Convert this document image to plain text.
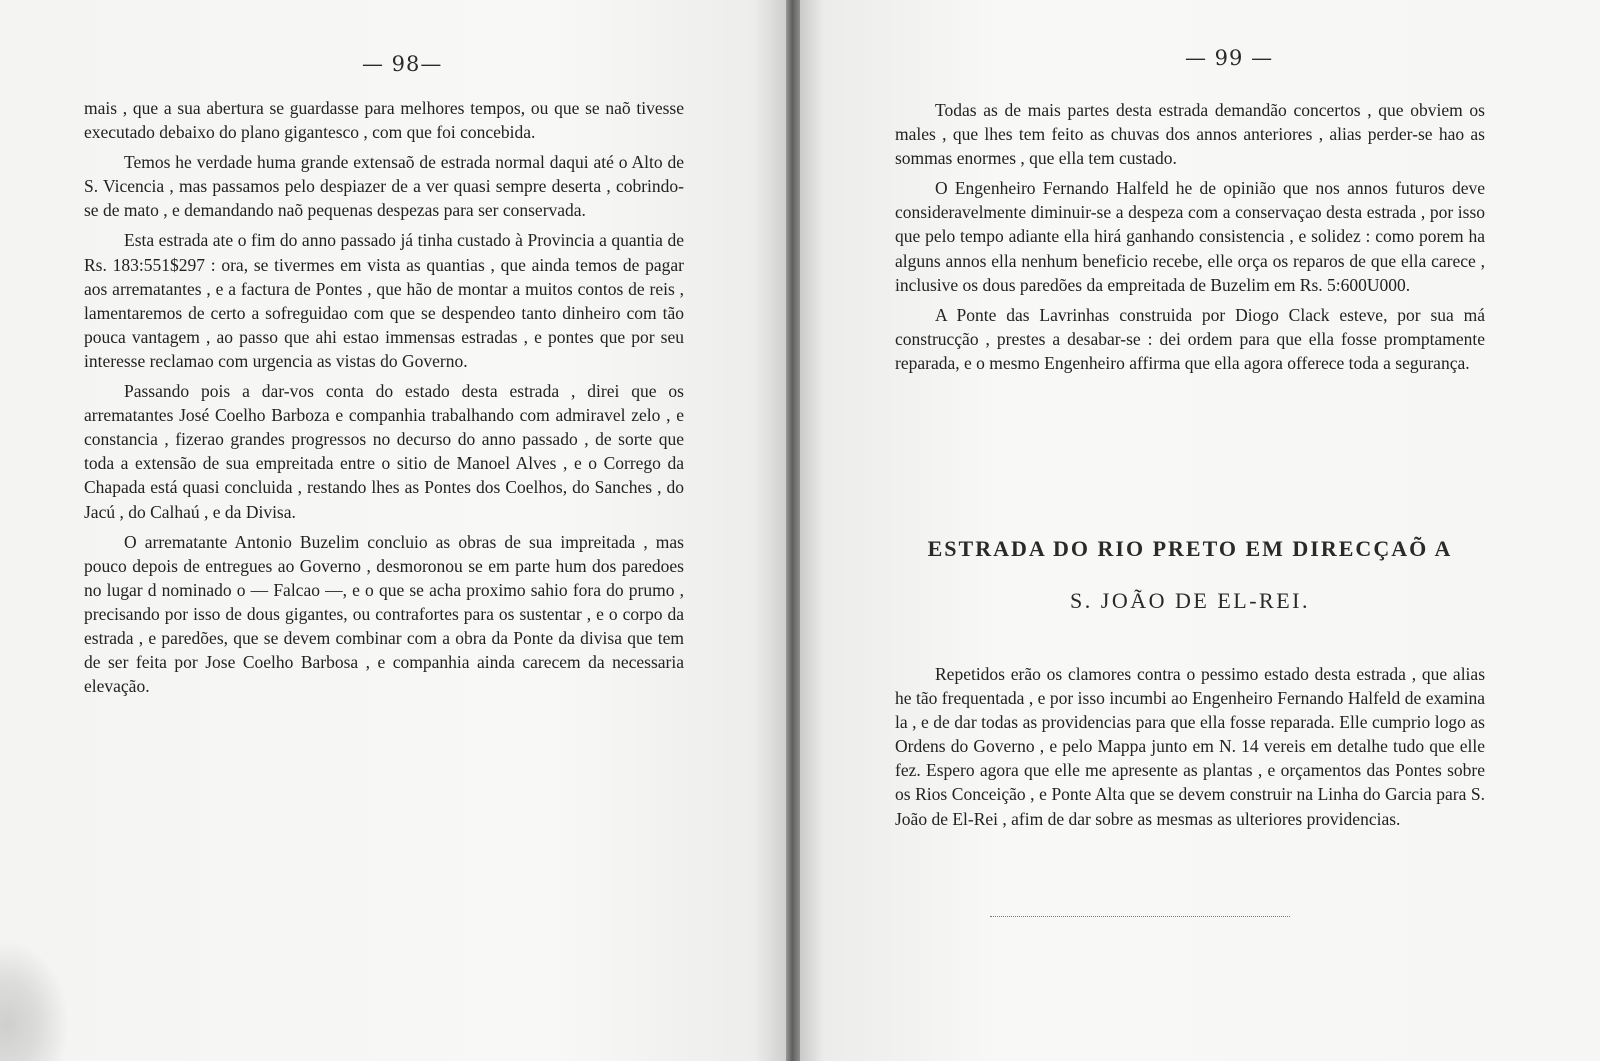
— 98—

mais , que a sua abertura se guardasse para melhores tempos, ou que se naõ tivesse executado debaixo do plano gigantesco , com que foi concebida.

Temos he verdade huma grande extensaõ de estrada normal daqui até o Alto de S. Vicencia , mas passamos pelo despiazer de a ver quasi sempre deserta , cobrindo-se de mato , e demandando naõ pequenas despezas para ser conservada.

Esta estrada ate o fim do anno passado já tinha custado à Provincia a quantia de Rs. 183:551$297 : ora, se tivermes em vista as quantias , que ainda temos de pagar aos arrematantes , e a factura de Pontes , que hão de montar a muitos contos de reis , lamentaremos de certo a sofreguidao com que se despendeo tanto dinheiro com tão pouca vantagem , ao passo que ahi estao immensas estradas , e pontes que por seu interesse reclamao com urgencia as vistas do Governo.

Passando pois a dar-vos conta do estado desta estrada , direi que os arrematantes José Coelho Barboza e companhia trabalhando com admiravel zelo , e constancia , fizerao grandes progressos no decurso do anno passado , de sorte que toda a extensão de sua empreitada entre o sitio de Manoel Alves , e o Corrego da Chapada está quasi concluida , restando lhes as Pontes dos Coelhos, do Sanches , do Jacú , do Calhaú , e da Divisa.

O arrematante Antonio Buzelim concluio as obras de sua impreitada , mas pouco depois de entregues ao Governo , desmoronou se em parte hum dos paredoes no lugar d nominado o — Falcao —, e o que se acha proximo sahio fora do prumo , precisando por isso de dous gigantes, ou contrafortes para os sustentar , e o corpo da estrada , e paredões, que se devem combinar com a obra da Ponte da divisa que tem de ser feita por Jose Coelho Barbosa , e companhia ainda carecem da necessaria elevação.

— 99 —

Todas as de mais partes desta estrada demandão concertos , que obviem os males , que lhes tem feito as chuvas dos annos anteriores , alias perder-se hao as sommas enormes , que ella tem custado.

O Engenheiro Fernando Halfeld he de opinião que nos annos futuros deve consideravelmente diminuir-se a despeza com a conservaçao desta estrada , por isso que pelo tempo adiante ella hirá ganhando consistencia , e solidez : como porem ha alguns annos ella nenhum beneficio recebe, elle orça os reparos de que ella carece , inclusive os dous paredões da empreitada de Buzelim em Rs. 5:600U000.

A Ponte das Lavrinhas construida por Diogo Clack esteve, por sua má construcção , prestes a desabar-se : dei ordem para que ella fosse promptamente reparada, e o mesmo Engenheiro affirma que ella agora offerece toda a segurança.

ESTRADA DO RIO PRETO EM DIRECÇAÕ A
S. JOÃO DE EL-REI.

Repetidos erão os clamores contra o pessimo estado desta estrada , que alias he tão frequentada , e por isso incumbi ao Engenheiro Fernando Halfeld de examina la , e de dar todas as providencias para que ella fosse reparada. Elle cumprio logo as Ordens do Governo , e pelo Mappa junto em N. 14 vereis em detalhe tudo que elle fez. Espero agora que elle me apresente as plantas , e orçamentos das Pontes sobre os Rios Conceição , e Ponte Alta que se devem construir na Linha do Garcia para S. João de El-Rei , afim de dar sobre as mesmas as ulteriores providencias.
